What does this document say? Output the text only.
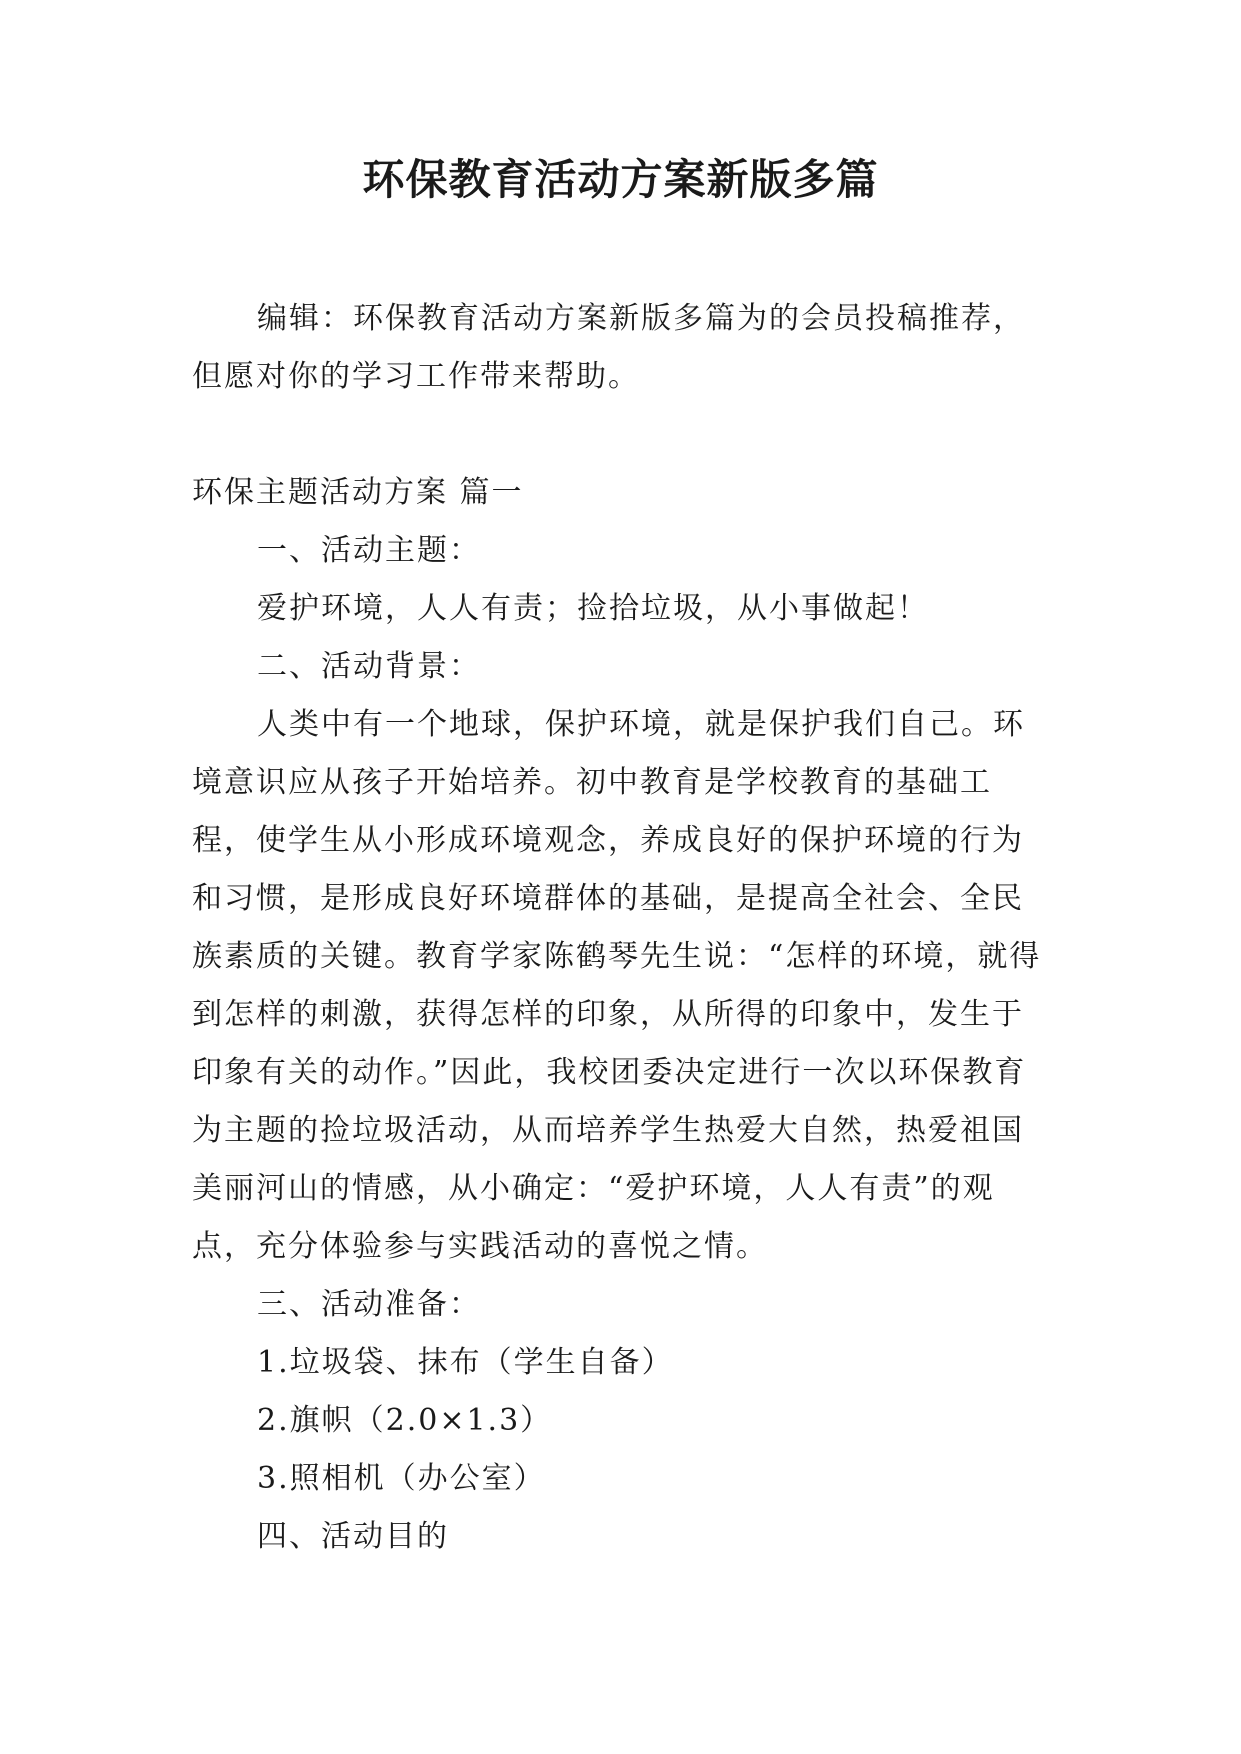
环保教育活动方案新版多篇

编辑：环保教育活动方案新版多篇为的会员投稿推荐，但愿对你的学习工作带来帮助。

环保主题活动方案 篇一

一、活动主题：

爱护环境，人人有责；捡拾垃圾，从小事做起！

二、活动背景：

人类中有一个地球，保护环境，就是保护我们自己。环境意识应从孩子开始培养。初中教育是学校教育的基础工程，使学生从小形成环境观念，养成良好的保护环境的行为和习惯，是形成良好环境群体的基础，是提高全社会、全民族素质的关键。教育学家陈鹤琴先生说：“怎样的环境，就得到怎样的刺激，获得怎样的印象，从所得的印象中，发生于印象有关的动作。”因此，我校团委决定进行一次以环保教育为主题的捡垃圾活动，从而培养学生热爱大自然，热爱祖国美丽河山的情感，从小确定：“爱护环境，人人有责”的观点，充分体验参与实践活动的喜悦之情。

三、活动准备：

1.垃圾袋、抹布（学生自备）

2.旗帜（2.0×1.3）

3.照相机（办公室）

四、活动目的
